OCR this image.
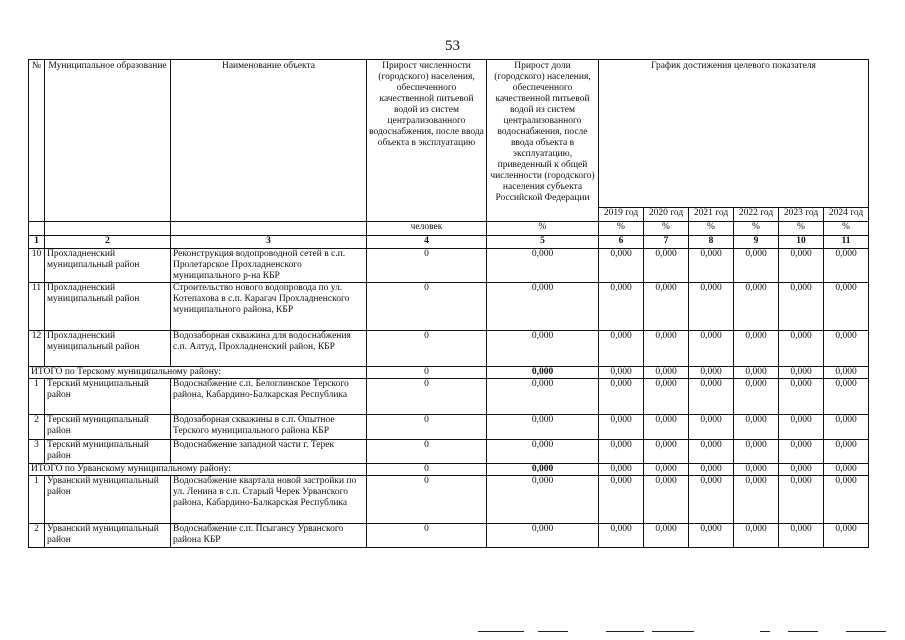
53
№	Муниципальное образование	Наименование объекта	Прирост численности (городского) населения, обеспеченного качественной питьевой водой из систем централизованного водоснабжения, после ввода объекта в эксплуатацию	Прирост доли (городского) населения, обеспеченного качественной питьевой водой из систем централизованного водоснабжения, после ввода объекта в эксплуатацию, приведенный к общей численности (городского) населения субъекта Российской Федерации	График достижения целевого показателя					
					2019 год	2020 год	2021 год	2022 год	2023 год	2024 год
			человек	%	%	%	%	%	%	%
1	2	3	4	5	6	7	8	9	10	11
10	Прохладненский муниципальный район	Реконструкция водопроводной сетей в с.п. Пролетарское Прохладненского муниципального р-на КБР	0	0,000	0,000	0,000	0,000	0,000	0,000	0,000
11	Прохладненский муниципальный район	Строительство нового водопровода по ул. Котепахова в с.п. Карагач Прохладненского муниципального района, КБР	0	0,000	0,000	0,000	0,000	0,000	0,000	0,000
12	Прохладненский муниципальный район	Водозаборная скважина для водоснабжения с.п. Алтуд, Прохладненский район, КБР	0	0,000	0,000	0,000	0,000	0,000	0,000	0,000
ИТОГО по Терскому муниципальному району:			0	0,000	0,000	0,000	0,000	0,000	0,000	0,000
1	Терский муниципальный район	Водоснабжение с.п. Белоглинское Терского района, Кабардино-Балкарская Республика	0	0,000	0,000	0,000	0,000	0,000	0,000	0,000
2	Терский муниципальный район	Водозаборная скважины в с.п. Опытное Терского муниципального района КБР	0	0,000	0,000	0,000	0,000	0,000	0,000	0,000
3	Терский муниципальный район	Водоснабжение западной части г. Терек	0	0,000	0,000	0,000	0,000	0,000	0,000	0,000
ИТОГО по Урванскому муниципальному району:			0	0,000	0,000	0,000	0,000	0,000	0,000	0,000
1	Урванский муниципальный район	Водоснабжение квартала новой застройки по ул. Ленина в с.п. Старый Черек Урванского района, Кабардино-Балкарская Республика	0	0,000	0,000	0,000	0,000	0,000	0,000	0,000
2	Урванский муниципальный район	Водоснабжение с.п. Псыгансу Урванского района КБР	0	0,000	0,000	0,000	0,000	0,000	0,000	0,000
